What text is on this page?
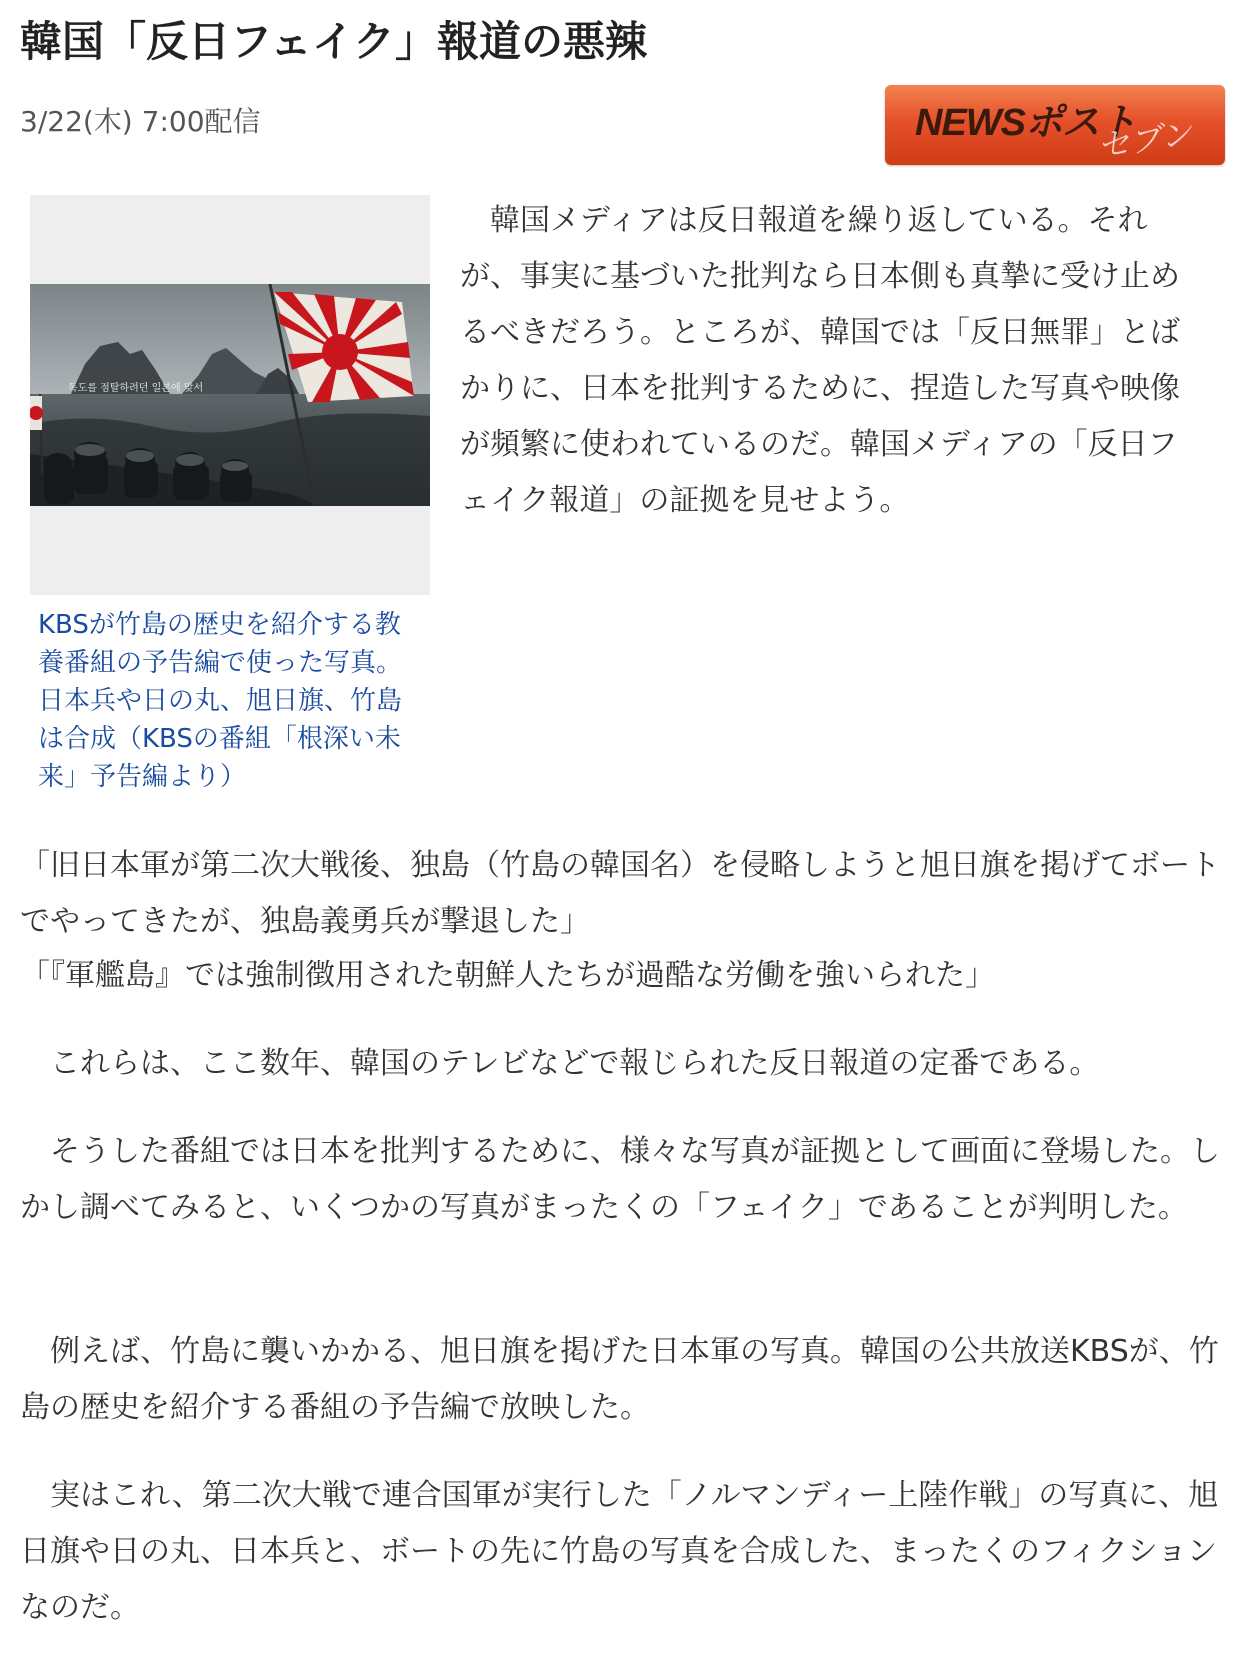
韓国「反日フェイク」報道の悪辣
3/22(木) 7:00配信	NEWSポスト
セブン
독도를 점탈하려던 일본에 맞서

KBSが竹島の歴史を紹介する教養番組の予告編で使った写真。日本兵や日の丸、旭日旗、竹島は合成（KBSの番組「根深い未来」予告編より）

　韓国メディアは反日報道を繰り返している。それが、事実に基づいた批判なら日本側も真摯に受け止めるべきだろう。ところが、韓国では「反日無罪」とばかりに、日本を批判するために、捏造した写真や映像が頻繁に使われているのだ。韓国メディアの「反日フェイク報道」の証拠を見せよう。

「旧日本軍が第二次大戦後、独島（竹島の韓国名）を侵略しようと旭日旗を掲げてボートでやってきたが、独島義勇兵が撃退した」

「『軍艦島』では強制徴用された朝鮮人たちが過酷な労働を強いられた」

　これらは、ここ数年、韓国のテレビなどで報じられた反日報道の定番である。

　そうした番組では日本を批判するために、様々な写真が証拠として画面に登場した。しかし調べてみると、いくつかの写真がまったくの「フェイク」であることが判明した。

　例えば、竹島に襲いかかる、旭日旗を掲げた日本軍の写真。韓国の公共放送KBSが、竹島の歴史を紹介する番組の予告編で放映した。

　実はこれ、第二次大戦で連合国軍が実行した「ノルマンディー上陸作戦」の写真に、旭日旗や日の丸、日本兵と、ボートの先に竹島の写真を合成した、まったくのフィクションなのだ。
